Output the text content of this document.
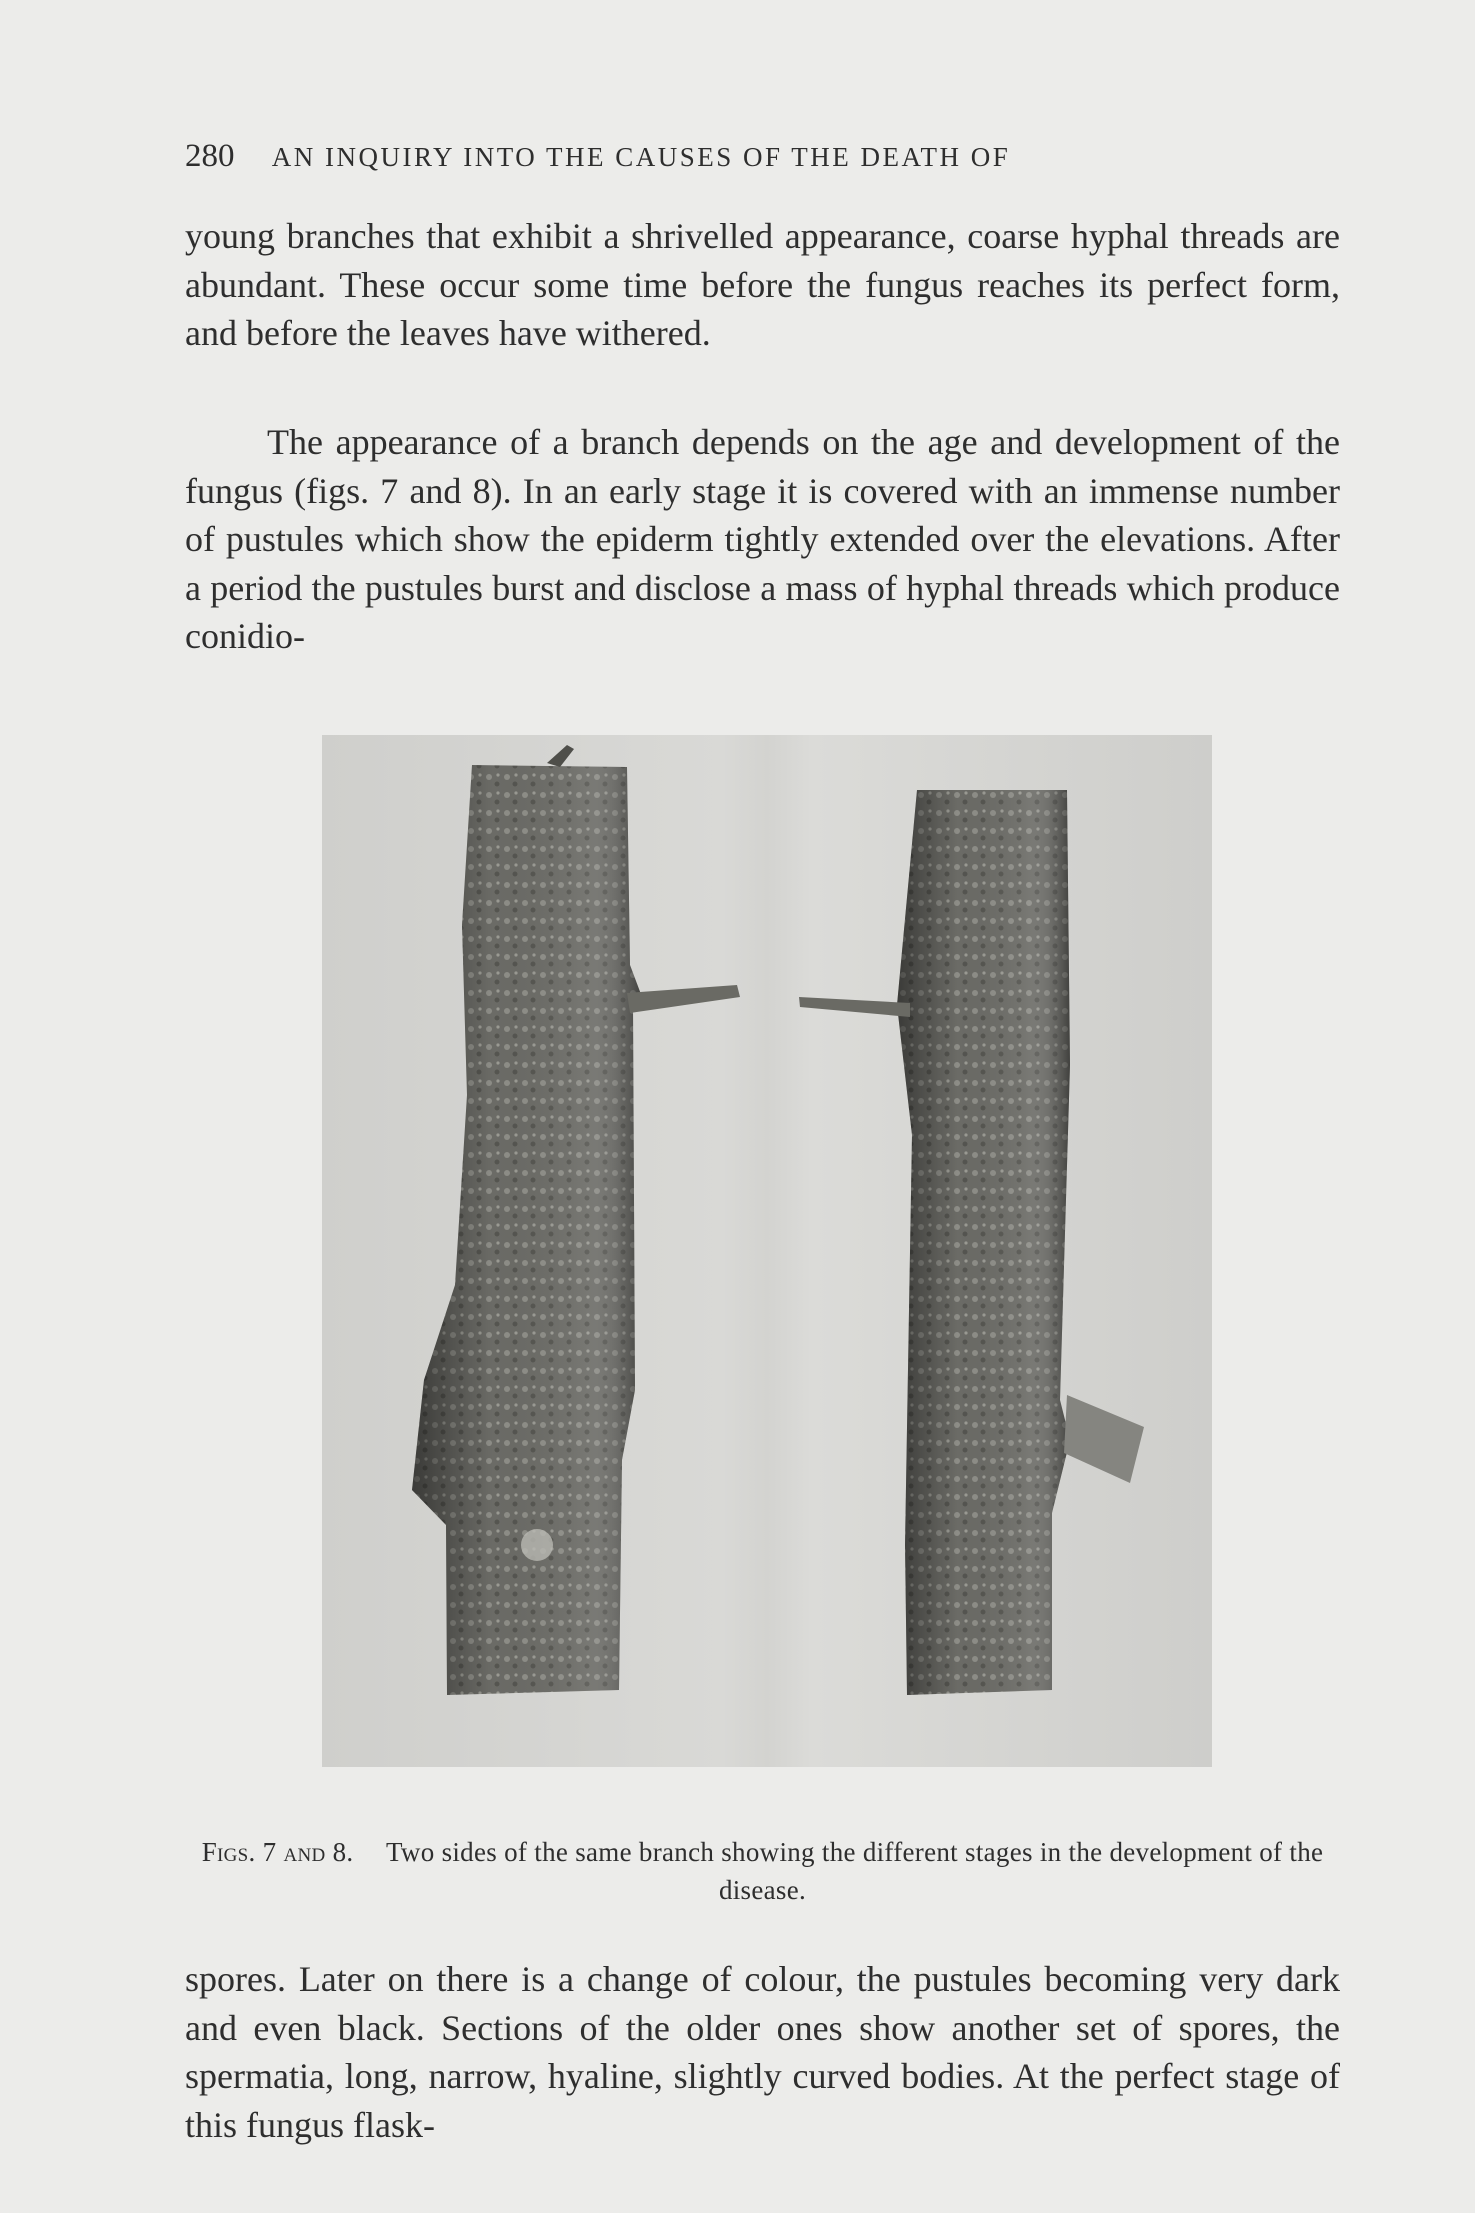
280 AN INQUIRY INTO THE CAUSES OF THE DEATH OF

young branches that exhibit a shrivelled appearance, coarse hyphal threads are abundant. These occur some time before the fungus reaches its perfect form, and before the leaves have withered.

The appearance of a branch depends on the age and development of the fungus (figs. 7 and 8). In an early stage it is covered with an immense number of pustules which show the epiderm tightly extended over the elevations. After a period the pustules burst and disclose a mass of hyphal threads which produce conidio-

Figs. 7 and 8. Two sides of the same branch showing the different stages in the development of the disease.

spores. Later on there is a change of colour, the pustules becoming very dark and even black. Sections of the older ones show another set of spores, the spermatia, long, narrow, hyaline, slightly curved bodies. At the perfect stage of this fungus flask-
